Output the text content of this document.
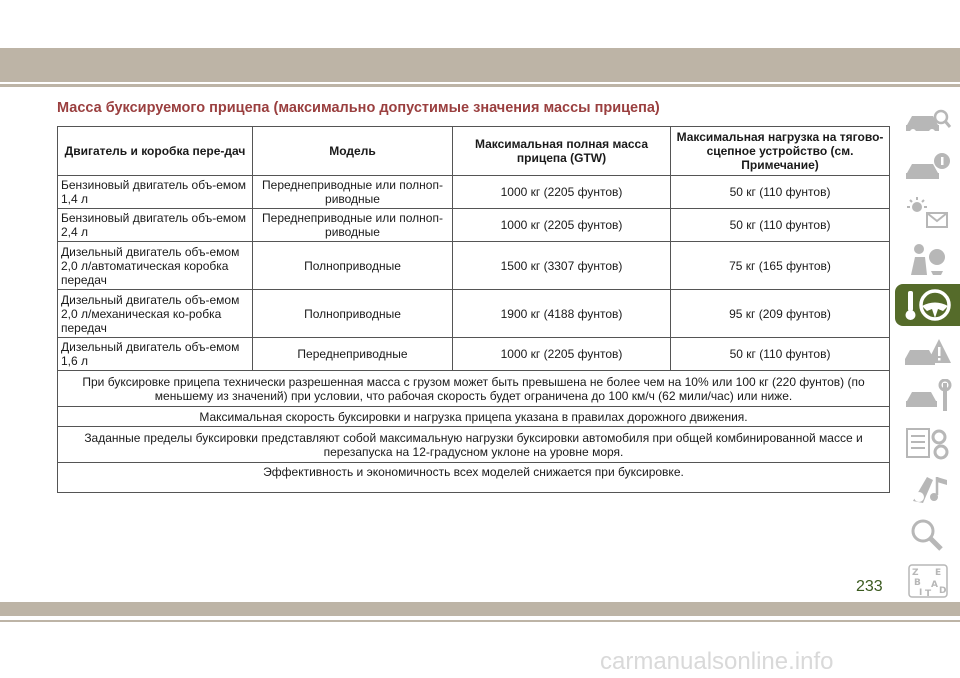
Масса буксируемого прицепа (максимально допустимые значения массы прицепа)
Двигатель и коробка пере-дач	Модель	Максимальная полная масса прицепа (GTW)	Максимальная нагрузка на тягово-сцепное устройство (см. Примечание)
Бензиновый двигатель объ-емом 1,4 л	Переднеприводные или полноп-риводные	1000 кг (2205 фунтов)	50 кг (110 фунтов)
Бензиновый двигатель объ-емом 2,4 л	Переднеприводные или полноп-риводные	1000 кг (2205 фунтов)	50 кг (110 фунтов)
Дизельный двигатель объ-емом 2,0 л/автоматическая коробка передач	Полноприводные	1500 кг (3307 фунтов)	75 кг (165 фунтов)
Дизельный двигатель объ-емом 2,0 л/механическая ко-робка передач	Полноприводные	1900 кг (4188 фунтов)	95 кг (209 фунтов)
Дизельный двигатель объ-емом 1,6 л	Переднеприводные	1000 кг (2205 фунтов)	50 кг (110 фунтов)
При буксировке прицепа технически разрешенная масса с грузом может быть превышена не более чем на 10% или 100 кг (220 фунтов) (по меньшему из значений) при условии, что рабочая скорость будет ограничена до 100 км/ч (62 мили/час) или ниже.			
Максимальная скорость буксировки и нагрузка прицепа указана в правилах дорожного движения.			
Заданные пределы буксировки представляют собой максимальную нагрузки буксировки автомобиля при общей комбинированной массе и перезапуска на 12-градусном уклоне на уровне моря.			
Эффективность и экономичность всех моделей снижается при буксировке.			
Z E
B A
I T D
233
carmanualsonline.info
